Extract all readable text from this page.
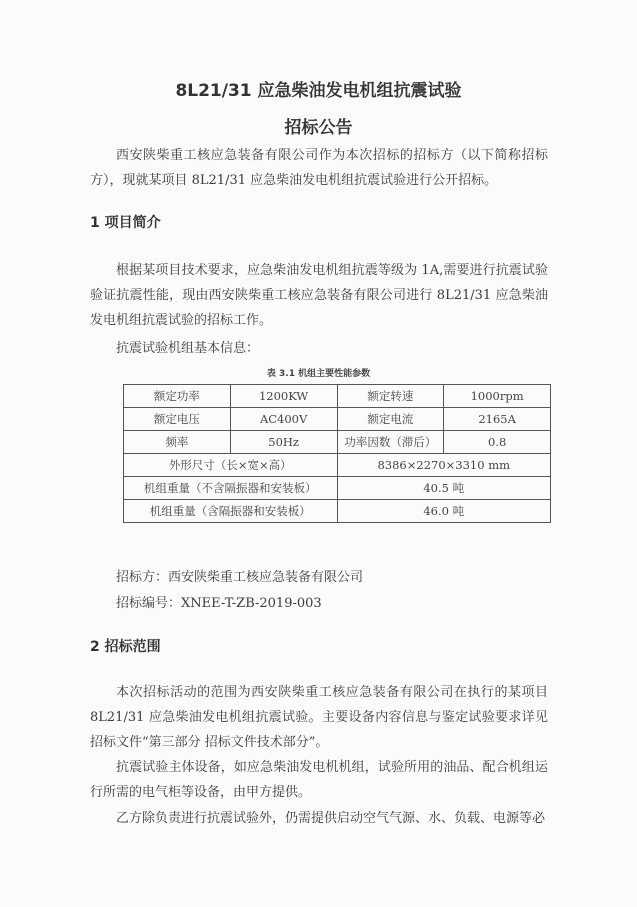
8L21/31 应急柴油发电机组抗震试验
招标公告

西安陕柴重工核应急装备有限公司作为本次招标的招标方（以下简称招标方），现就某项目 8L21/31 应急柴油发电机组抗震试验进行公开招标。

1 项目简介

根据某项目技术要求，应急柴油发电机组抗震等级为 1A,需要进行抗震试验验证抗震性能，现由西安陕柴重工核应急装备有限公司进行 8L21/31 应急柴油发电机组抗震试验的招标工作。

抗震试验机组基本信息：
表 3.1 机组主要性能参数
额定功率	1200KW	额定转速	1000rpm
额定电压	AC400V	额定电流	2165A
频率	50Hz	功率因数（滞后）	0.8
外形尺寸（长×宽×高）		8386×2270×3310 mm	
机组重量（不含隔振器和安装板）		40.5 吨	
机组重量（含隔振器和安装板）		46.0 吨	
招标方：西安陕柴重工核应急装备有限公司
招标编号：XNEE-T-ZB-2019-003
2 招标范围

本次招标活动的范围为西安陕柴重工核应急装备有限公司在执行的某项目 8L21/31 应急柴油发电机组抗震试验。主要设备内容信息与鉴定试验要求详见招标文件“第三部分 招标文件技术部分”。

抗震试验主体设备，如应急柴油发电机机组，试验所用的油品、配合机组运行所需的电气柜等设备，由甲方提供。

乙方除负责进行抗震试验外，仍需提供启动空气气源、水、负载、电源等必
